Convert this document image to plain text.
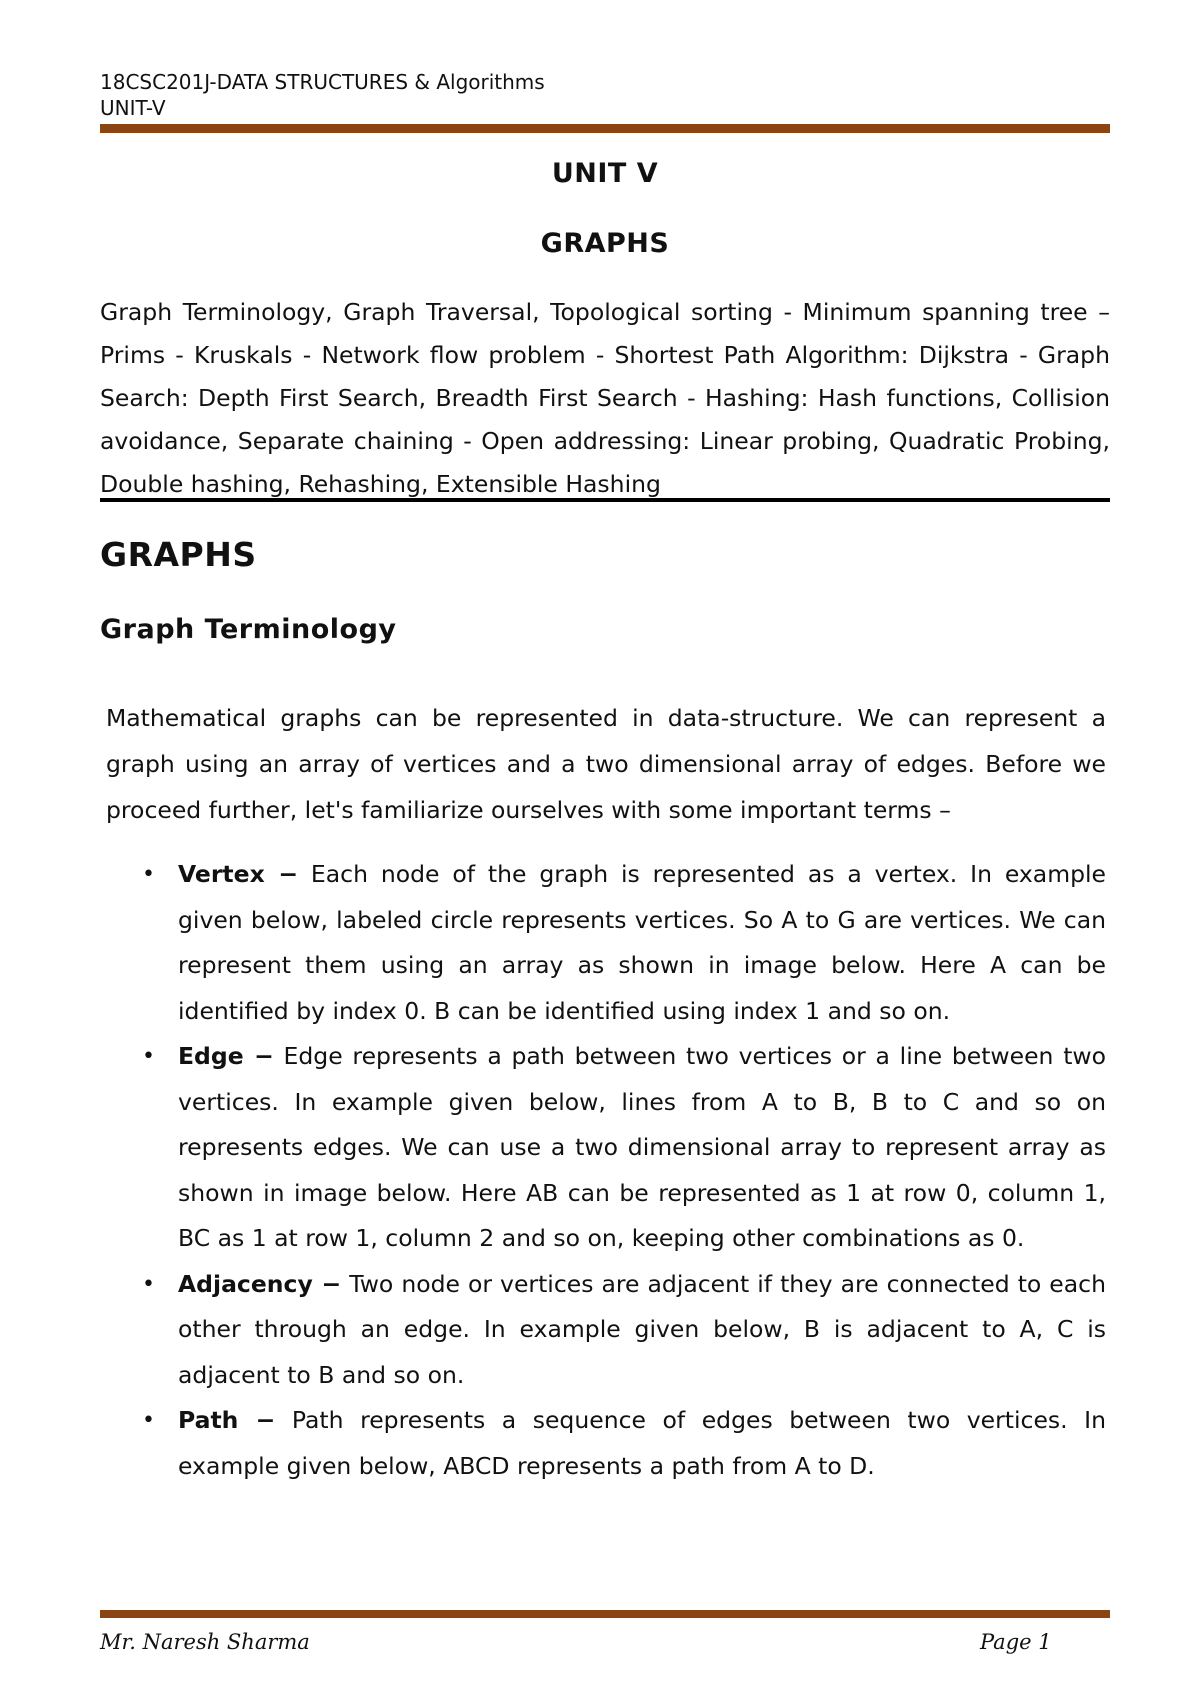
18CSC201J-DATA STRUCTURES & Algorithms
UNIT-V
UNIT V
GRAPHS

Graph Terminology, Graph Traversal, Topological sorting - Minimum spanning tree – Prims - Kruskals - Network flow problem - Shortest Path Algorithm: Dijkstra - Graph Search: Depth First Search, Breadth First Search - Hashing: Hash functions, Collision avoidance, Separate chaining - Open addressing: Linear probing, Quadratic Probing, Double hashing, Rehashing, Extensible Hashing

GRAPHS
Graph Terminology

Mathematical graphs can be represented in data-structure. We can represent a graph using an array of vertices and a two dimensional array of edges. Before we proceed further, let's familiarize ourselves with some important terms –

• Vertex − Each node of the graph is represented as a vertex. In example given below, labeled circle represents vertices. So A to G are vertices. We can represent them using an array as shown in image below. Here A can be identified by index 0. B can be identified using index 1 and so on.
• Edge − Edge represents a path between two vertices or a line between two vertices. In example given below, lines from A to B, B to C and so on represents edges. We can use a two dimensional array to represent array as shown in image below. Here AB can be represented as 1 at row 0, column 1, BC as 1 at row 1, column 2 and so on, keeping other combinations as 0.
• Adjacency − Two node or vertices are adjacent if they are connected to each other through an edge. In example given below, B is adjacent to A, C is adjacent to B and so on.
• Path − Path represents a sequence of edges between two vertices. In example given below, ABCD represents a path from A to D.
Mr. Naresh Sharma	Page 1
